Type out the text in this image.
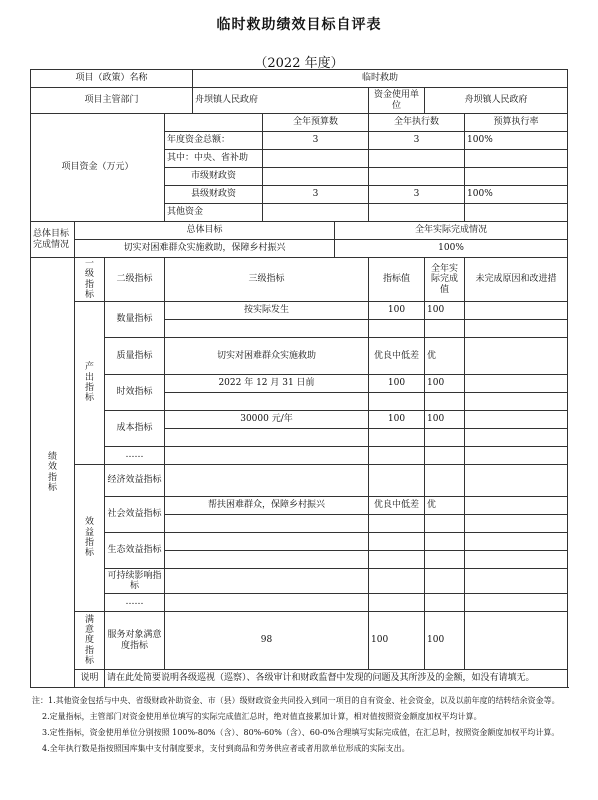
临时救助绩效目标自评表
（2022 年度）
项目（政策）名称				临时救助					
项目主管部门				舟坝镇人民政府			资金使用单位	舟坝镇人民政府	
项目资金（万元）					全年预算数		全年执行数		预算执行率
			年度资金总额：		3		3		100%
			其中：中央、省补助						
			市级财政资						
			县级财政资		3		3		100%
			其他资金						
总体目标完成情况	总体目标					全年实际完成情况			
	切实对困难群众实施救助，保障乡村振兴					100%			
绩效指标	一级指标	二级指标	三级指标				指标值	全年实际完成值	未完成原因和改进措
	产出指标	数量指标	按实际发生				100	100	

		质量指标	切实对困难群众实施救助				优良中低差	优	
		时效指标	2022 年 12 月 31 日前				100	100	

		成本指标	30000 元/年				100	100	

		……							
	效益指标	经济效益指标							
		社会效益指标	帮扶困难群众，保障乡村振兴				优良中低差	优	

		生态效益指标							

		可持续影响指标							
		……							
	满意度指标	服务对象满意度指标	98				100	100	
	说明	请在此处简要说明各级巡视（巡察）、各级审计和财政监督中发现的问题及其所涉及的金额，如没有请填无。							

注：1.其他资金包括与中央、省级财政补助资金、市（县）级财政资金共同投入到同一项目的自有资金、社会资金，以及以前年度的结转结余资金等。

2.定量指标，主管部门对资金使用单位填写的实际完成值汇总时，绝对值直接累加计算，相对值按照资金额度加权平均计算。

3.定性指标，资金使用单位分别按照 100%-80%（含）、80%-60%（含）、60-0%合理填写实际完成值，在汇总时，按照资金额度加权平均计算。

4.全年执行数是指按照国库集中支付制度要求，支付到商品和劳务供应者或者用款单位形成的实际支出。
